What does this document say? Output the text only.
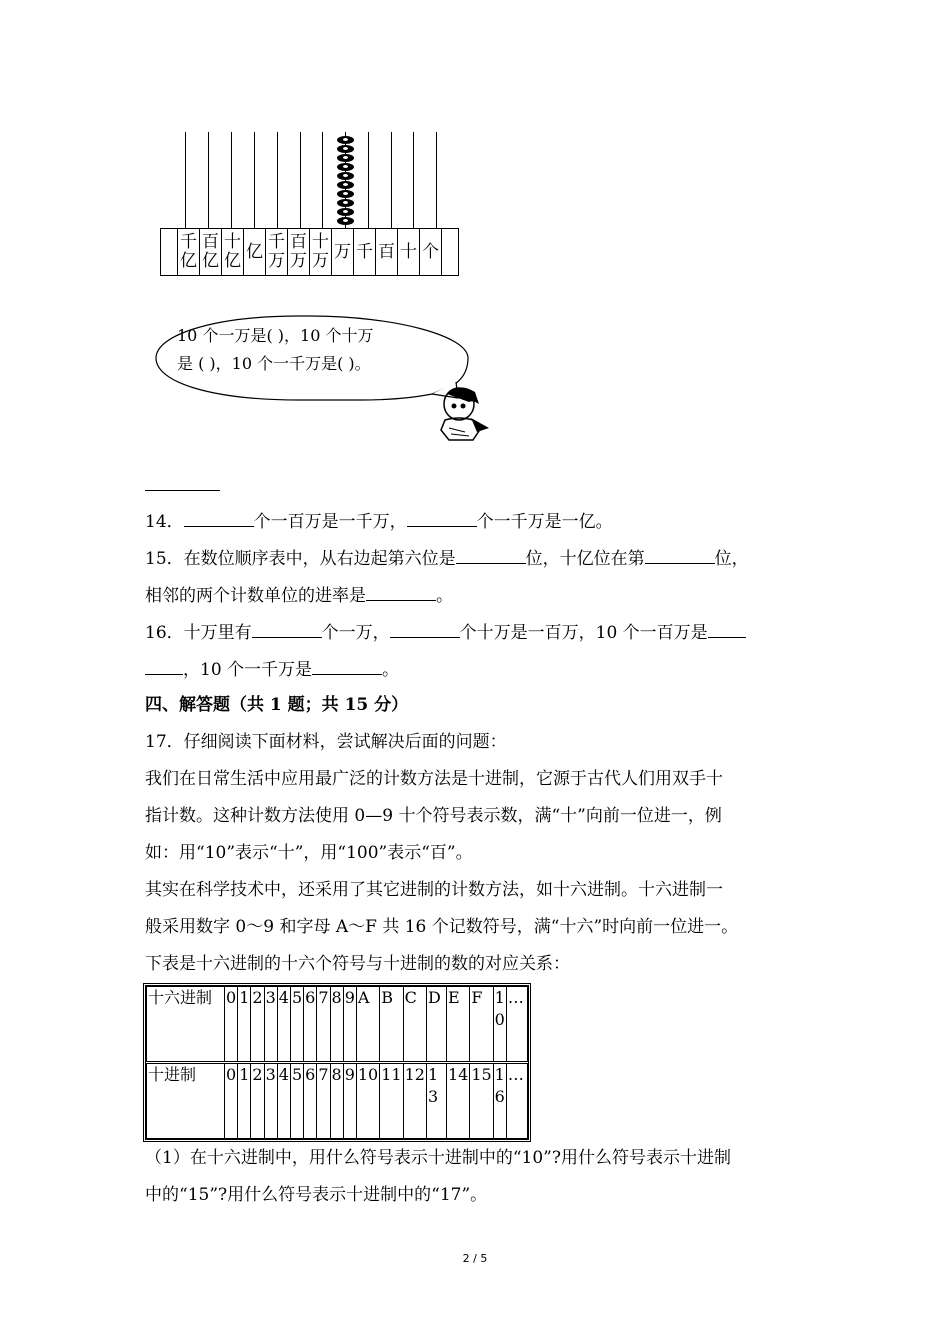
	千
亿	百
亿	十
亿	亿	千
万	百
万	十
万	万	千	百	十	个	
10 个一万是( )，10 个十万
是 ( )，10 个一千万是( )。
14．	个一百万是一千万，	个一千万是一亿。
15．在数位顺序表中，从右边起第六位是	位，十亿位在第	位，
相邻的两个计数单位的进率是	。
16．十万里有	个一万，	个十万是一百万，10 个一百万是
，10 个一千万是	。
四、解答题（共 1 题；共 15 分）
17．仔细阅读下面材料，尝试解决后面的问题：
我们在日常生活中应用最广泛的计数方法是十进制，它源于古代人们用双手十
指计数。这种计数方法使用 0—9 十个符号表示数，满“十”向前一位进一，例
如：用“10”表示“十”，用“100”表示“百”。
其实在科学技术中，还采用了其它进制的计数方法，如十六进制。十六进制一
般采用数字 0～9 和字母 A～F 共 16 个记数符号，满“十六”时向前一位进一。
下表是十六进制的十六个符号与十进制的数的对应关系：
十六进制	0	1	2	3	4	5	6	7	8	9	A	B	C	D	E	F	10	…
十进制	0	1	2	3	4	5	6	7	8	9	10	11	12	13	14	15	16	…
（1）在十六进制中，用什么符号表示十进制中的“10”?用什么符号表示十进制
中的“15”?用什么符号表示十进制中的“17”。
2 / 5
